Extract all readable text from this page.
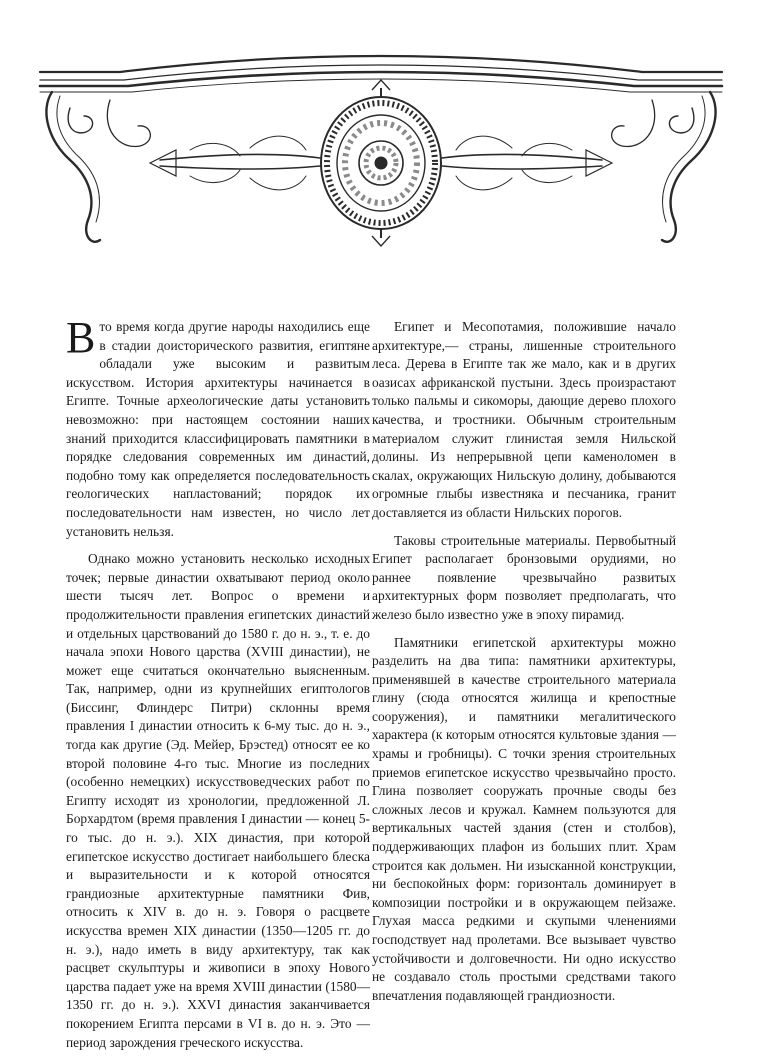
Вто время когда другие народы находились еще в стадии доисторического развития, египтяне обладали уже высоким и развитым искусством. История архитектуры начинается в Египте. Точные археологические даты установить невозможно: при настоящем состоянии наших знаний приходится классифицировать памятники в порядке следования современных им династий, подобно тому как определяется последовательность геологических напластований; порядок их последовательности нам известен, но число лет установить нельзя.

Однако можно установить несколько исходных точек; первые династии охватывают период около шести тысяч лет. Вопрос о времени и продолжительности правления египетских династий и отдельных царствований до 1580 г. до н. э., т. е. до начала эпохи Нового царства (XVIII династии), не может еще считаться окончательно выясненным. Так, например, одни из крупнейших египтологов (Биссинг, Флиндерс Питри) склонны время правления I династии относить к 6-му тыс. до н. э., тогда как другие (Эд. Мейер, Брэстед) относят ее ко второй половине 4-го тыс. Многие из последних (особенно немецких) искусствоведческих работ по Египту исходят из хронологии, предложенной Л. Борхардтом (время правления I династии — конец 5-го тыс. до н. э.). XIX династия, при которой египетское искусство достигает наибольшего блеска и выразительности и к которой относятся грандиозные архитектурные памятники Фив, относить к XIV в. до н. э. Говоря о расцвете искусства времен XIX династии (1350—1205 гг. до н. э.), надо иметь в виду архитектуру, так как расцвет скульптуры и живописи в эпоху Нового царства падает уже на время XVIII династии (1580—1350 гг. до н. э.). XXVI династия заканчивается покорением Египта персами в VI в. до н. э. Это — период зарождения греческого искусства.

Египет и Месопотамия, положившие начало архитектуре,— страны, лишенные строительного леса. Дерева в Египте так же мало, как и в других оазисах африканской пустыни. Здесь произрастают только пальмы и сикоморы, дающие дерево плохого качества, и тростники. Обычным строительным материалом служит глинистая земля Нильской долины. Из непрерывной цепи каменоломен в скалах, окружающих Нильскую долину, добываются огромные глыбы известняка и песчаника, гранит доставляется из области Нильских порогов.

Таковы строительные материалы. Первобытный Египет располагает бронзовыми орудиями, но раннее появление чрезвычайно развитых архитектурных форм позволяет предполагать, что железо было известно уже в эпоху пирамид.

Памятники египетской архитектуры можно разделить на два типа: памятники архитектуры, применявшей в качестве строительного материала глину (сюда относятся жилища и крепостные сооружения), и памятники мегалитического характера (к которым относятся культовые здания — храмы и гробницы). С точки зрения строительных приемов египетское искусство чрезвычайно просто. Глина позволяет сооружать прочные своды без сложных лесов и кружал. Камнем пользуются для вертикальных частей здания (стен и столбов), поддерживающих плафон из больших плит. Храм строится как дольмен. Ни изысканной конструкции, ни беспокойных форм: горизонталь доминирует в композиции постройки и в окружающем пейзаже. Глухая масса редкими и скупыми членениями господствует над пролетами. Все вызывает чувство устойчивости и долговечности. Ни одно искусство не создавало столь простыми средствами такого впечатления подавляющей грандиозности.
